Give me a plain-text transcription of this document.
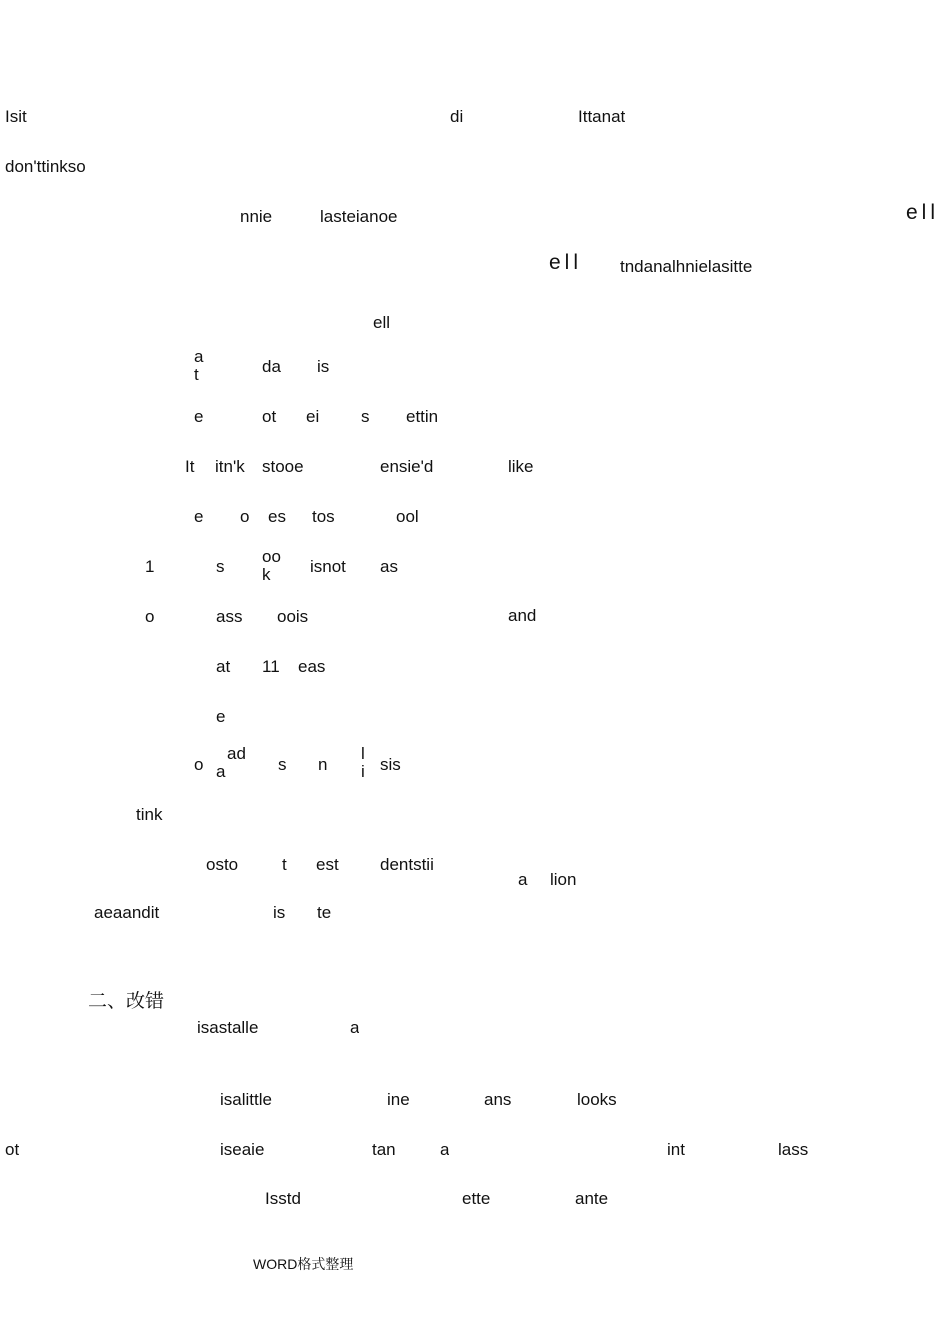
Isit	di	Ittanat
don'ttinkso
nnie	lasteianoe	ell
ell tndanalhnielasitte
ell
a
t	da is
e	ot ei s ettin
It itn'k stooe	ensie'd	like
e o es tos	ool
1	s
oo
k	isnot as
o	ass oois	and
at 11 eas
e
o
ad
a	s n
l
i sis
tink
osto	t est dentstii
a lion
aeaandit	is te
二、改错
isastalle	a
isalittle	ine	ans	looks
ot	iseaie	tan	a	int	lass
Isstd	ette	ante
WORD格式整理
